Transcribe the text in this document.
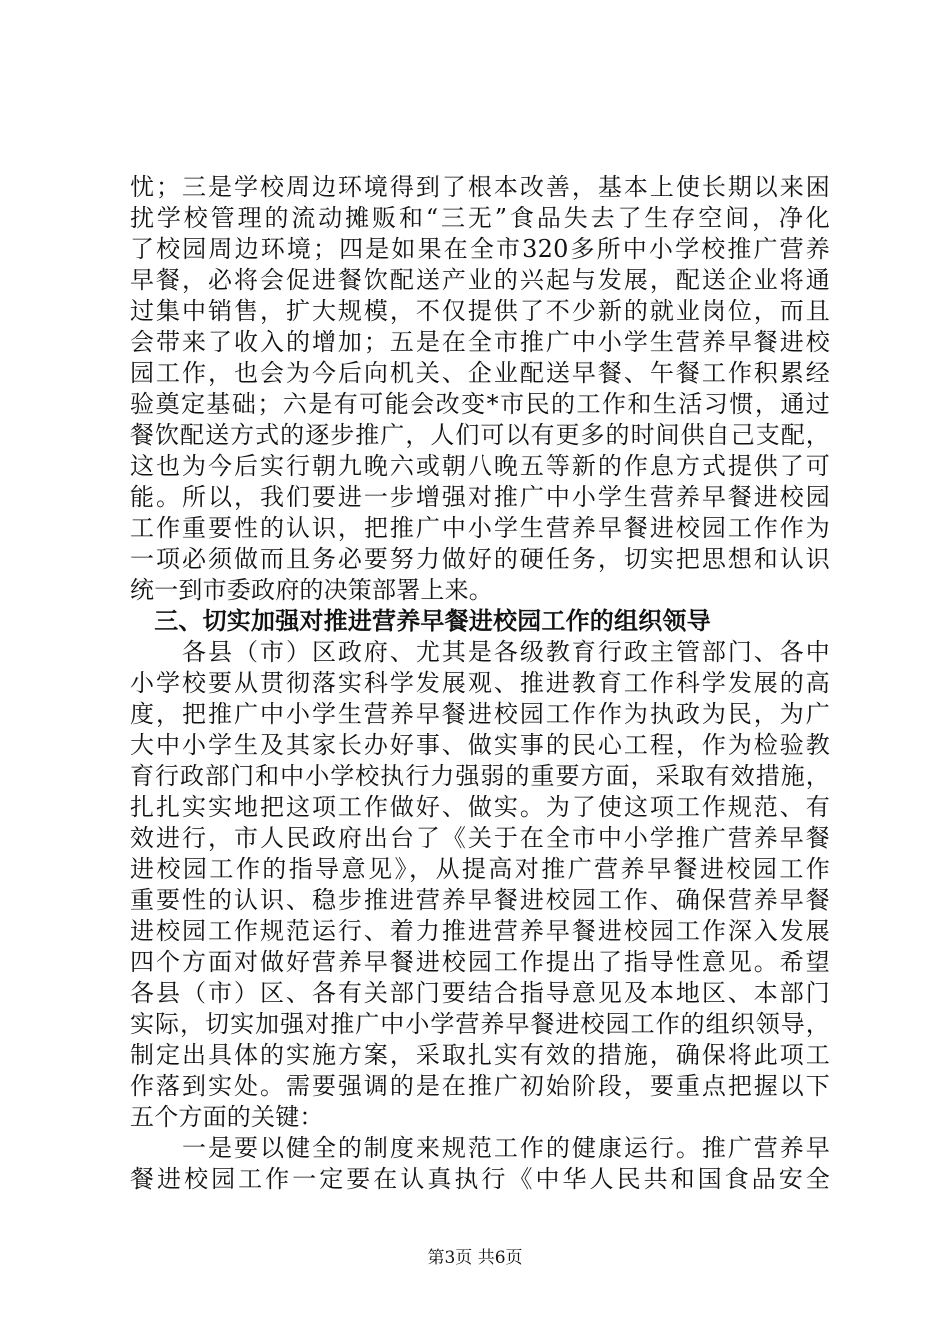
忧；三是学校周边环境得到了根本改善，基本上使长期以来困
扰学校管理的流动摊贩和“三无”食品失去了生存空间，净化
了校园周边环境；四是如果在全市320多所中小学校推广营养
早餐，必将会促进餐饮配送产业的兴起与发展，配送企业将通
过集中销售，扩大规模，不仅提供了不少新的就业岗位，而且
会带来了收入的增加；五是在全市推广中小学生营养早餐进校
园工作，也会为今后向机关、企业配送早餐、午餐工作积累经
验奠定基础；六是有可能会改变*市民的工作和生活习惯，通过
餐饮配送方式的逐步推广，人们可以有更多的时间供自己支配，
这也为今后实行朝九晚六或朝八晚五等新的作息方式提供了可
能。所以，我们要进一步增强对推广中小学生营养早餐进校园
工作重要性的认识，把推广中小学生营养早餐进校园工作作为
一项必须做而且务必要努力做好的硬任务，切实把思想和认识
统一到市委政府的决策部署上来。
　三、切实加强对推进营养早餐进校园工作的组织领导
　　各县（市）区政府、尤其是各级教育行政主管部门、各中
小学校要从贯彻落实科学发展观、推进教育工作科学发展的高
度，把推广中小学生营养早餐进校园工作作为执政为民，为广
大中小学生及其家长办好事、做实事的民心工程，作为检验教
育行政部门和中小学校执行力强弱的重要方面，采取有效措施，
扎扎实实地把这项工作做好、做实。为了使这项工作规范、有
效进行，市人民政府出台了《关于在全市中小学推广营养早餐
进校园工作的指导意见》，从提高对推广营养早餐进校园工作
重要性的认识、稳步推进营养早餐进校园工作、确保营养早餐
进校园工作规范运行、着力推进营养早餐进校园工作深入发展
四个方面对做好营养早餐进校园工作提出了指导性意见。希望
各县（市）区、各有关部门要结合指导意见及本地区、本部门
实际，切实加强对推广中小学营养早餐进校园工作的组织领导，
制定出具体的实施方案，采取扎实有效的措施，确保将此项工
作落到实处。需要强调的是在推广初始阶段，要重点把握以下
五个方面的关键：
　　一是要以健全的制度来规范工作的健康运行。推广营养早
餐进校园工作一定要在认真执行《中华人民共和国食品安全
第3页 共6页
